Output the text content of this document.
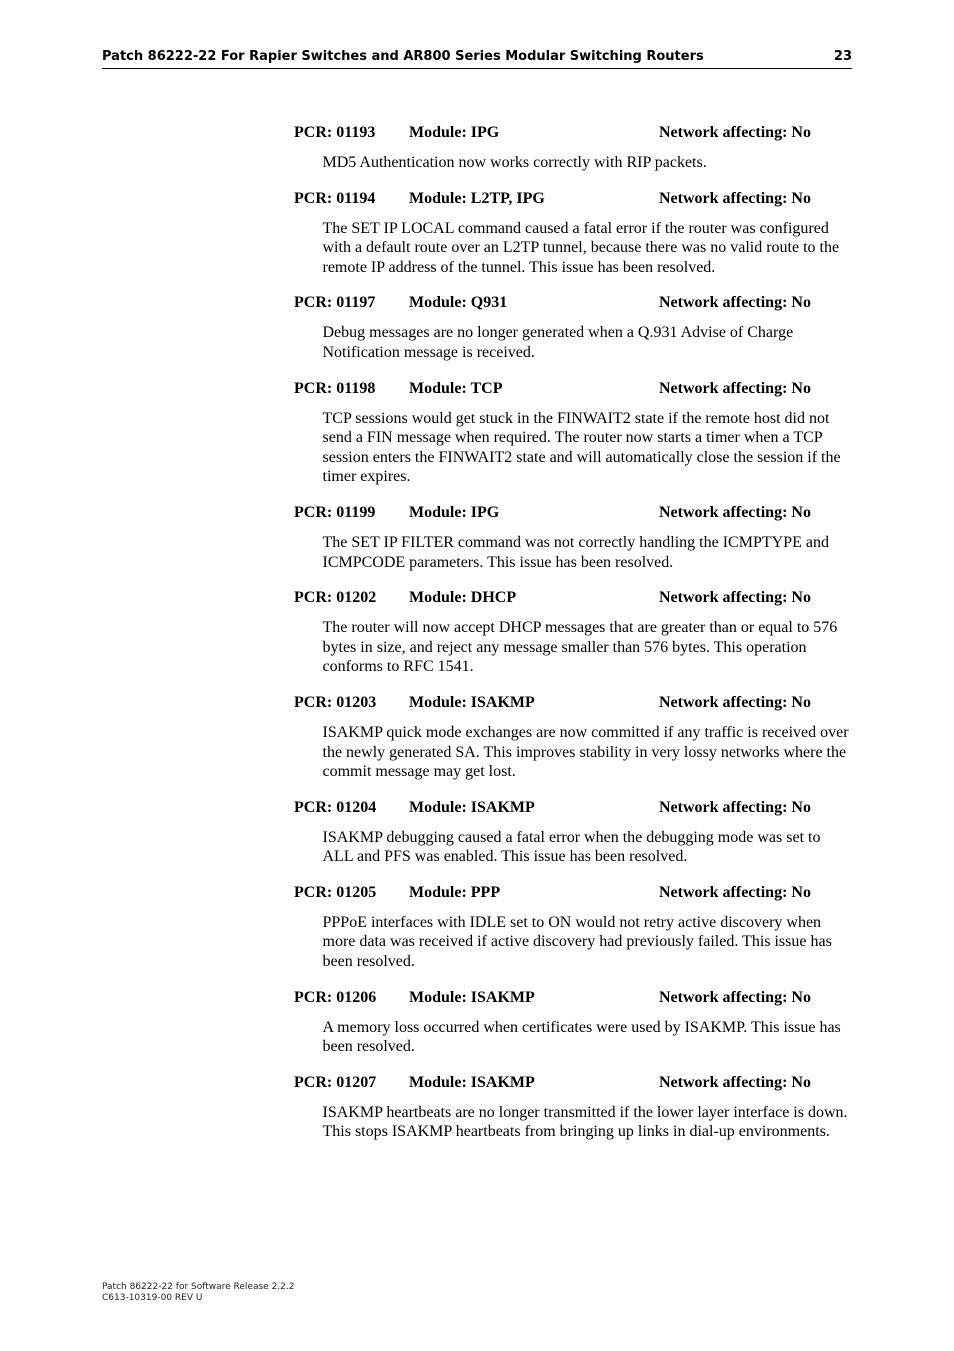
Patch 86222-22 For Rapier Switches and AR800 Series Modular Switching Routers	23
PCR: 01193 Module: IPG	Network affecting: No
MD5 Authentication now works correctly with RIP packets.
PCR: 01194 Module: L2TP, IPG	Network affecting: No
The SET IP LOCAL command caused a fatal error if the router was configured with a default route over an L2TP tunnel, because there was no valid route to the remote IP address of the tunnel. This issue has been resolved.
PCR: 01197 Module: Q931	Network affecting: No
Debug messages are no longer generated when a Q.931 Advise of Charge Notification message is received.
PCR: 01198 Module: TCP	Network affecting: No
TCP sessions would get stuck in the FINWAIT2 state if the remote host did not send a FIN message when required. The router now starts a timer when a TCP session enters the FINWAIT2 state and will automatically close the session if the timer expires.
PCR: 01199 Module: IPG	Network affecting: No
The SET IP FILTER command was not correctly handling the ICMPTYPE and ICMPCODE parameters. This issue has been resolved.
PCR: 01202 Module: DHCP	Network affecting: No
The router will now accept DHCP messages that are greater than or equal to 576 bytes in size, and reject any message smaller than 576 bytes. This operation conforms to RFC 1541.
PCR: 01203 Module: ISAKMP	Network affecting: No
ISAKMP quick mode exchanges are now committed if any traffic is received over the newly generated SA. This improves stability in very lossy networks where the commit message may get lost.
PCR: 01204 Module: ISAKMP	Network affecting: No
ISAKMP debugging caused a fatal error when the debugging mode was set to ALL and PFS was enabled. This issue has been resolved.
PCR: 01205 Module: PPP	Network affecting: No
PPPoE interfaces with IDLE set to ON would not retry active discovery when more data was received if active discovery had previously failed. This issue has been resolved.
PCR: 01206 Module: ISAKMP	Network affecting: No
A memory loss occurred when certificates were used by ISAKMP. This issue has been resolved.
PCR: 01207 Module: ISAKMP	Network affecting: No
ISAKMP heartbeats are no longer transmitted if the lower layer interface is down. This stops ISAKMP heartbeats from bringing up links in dial-up environments.
Patch 86222-22 for Software Release 2.2.2
C613-10319-00 REV U
